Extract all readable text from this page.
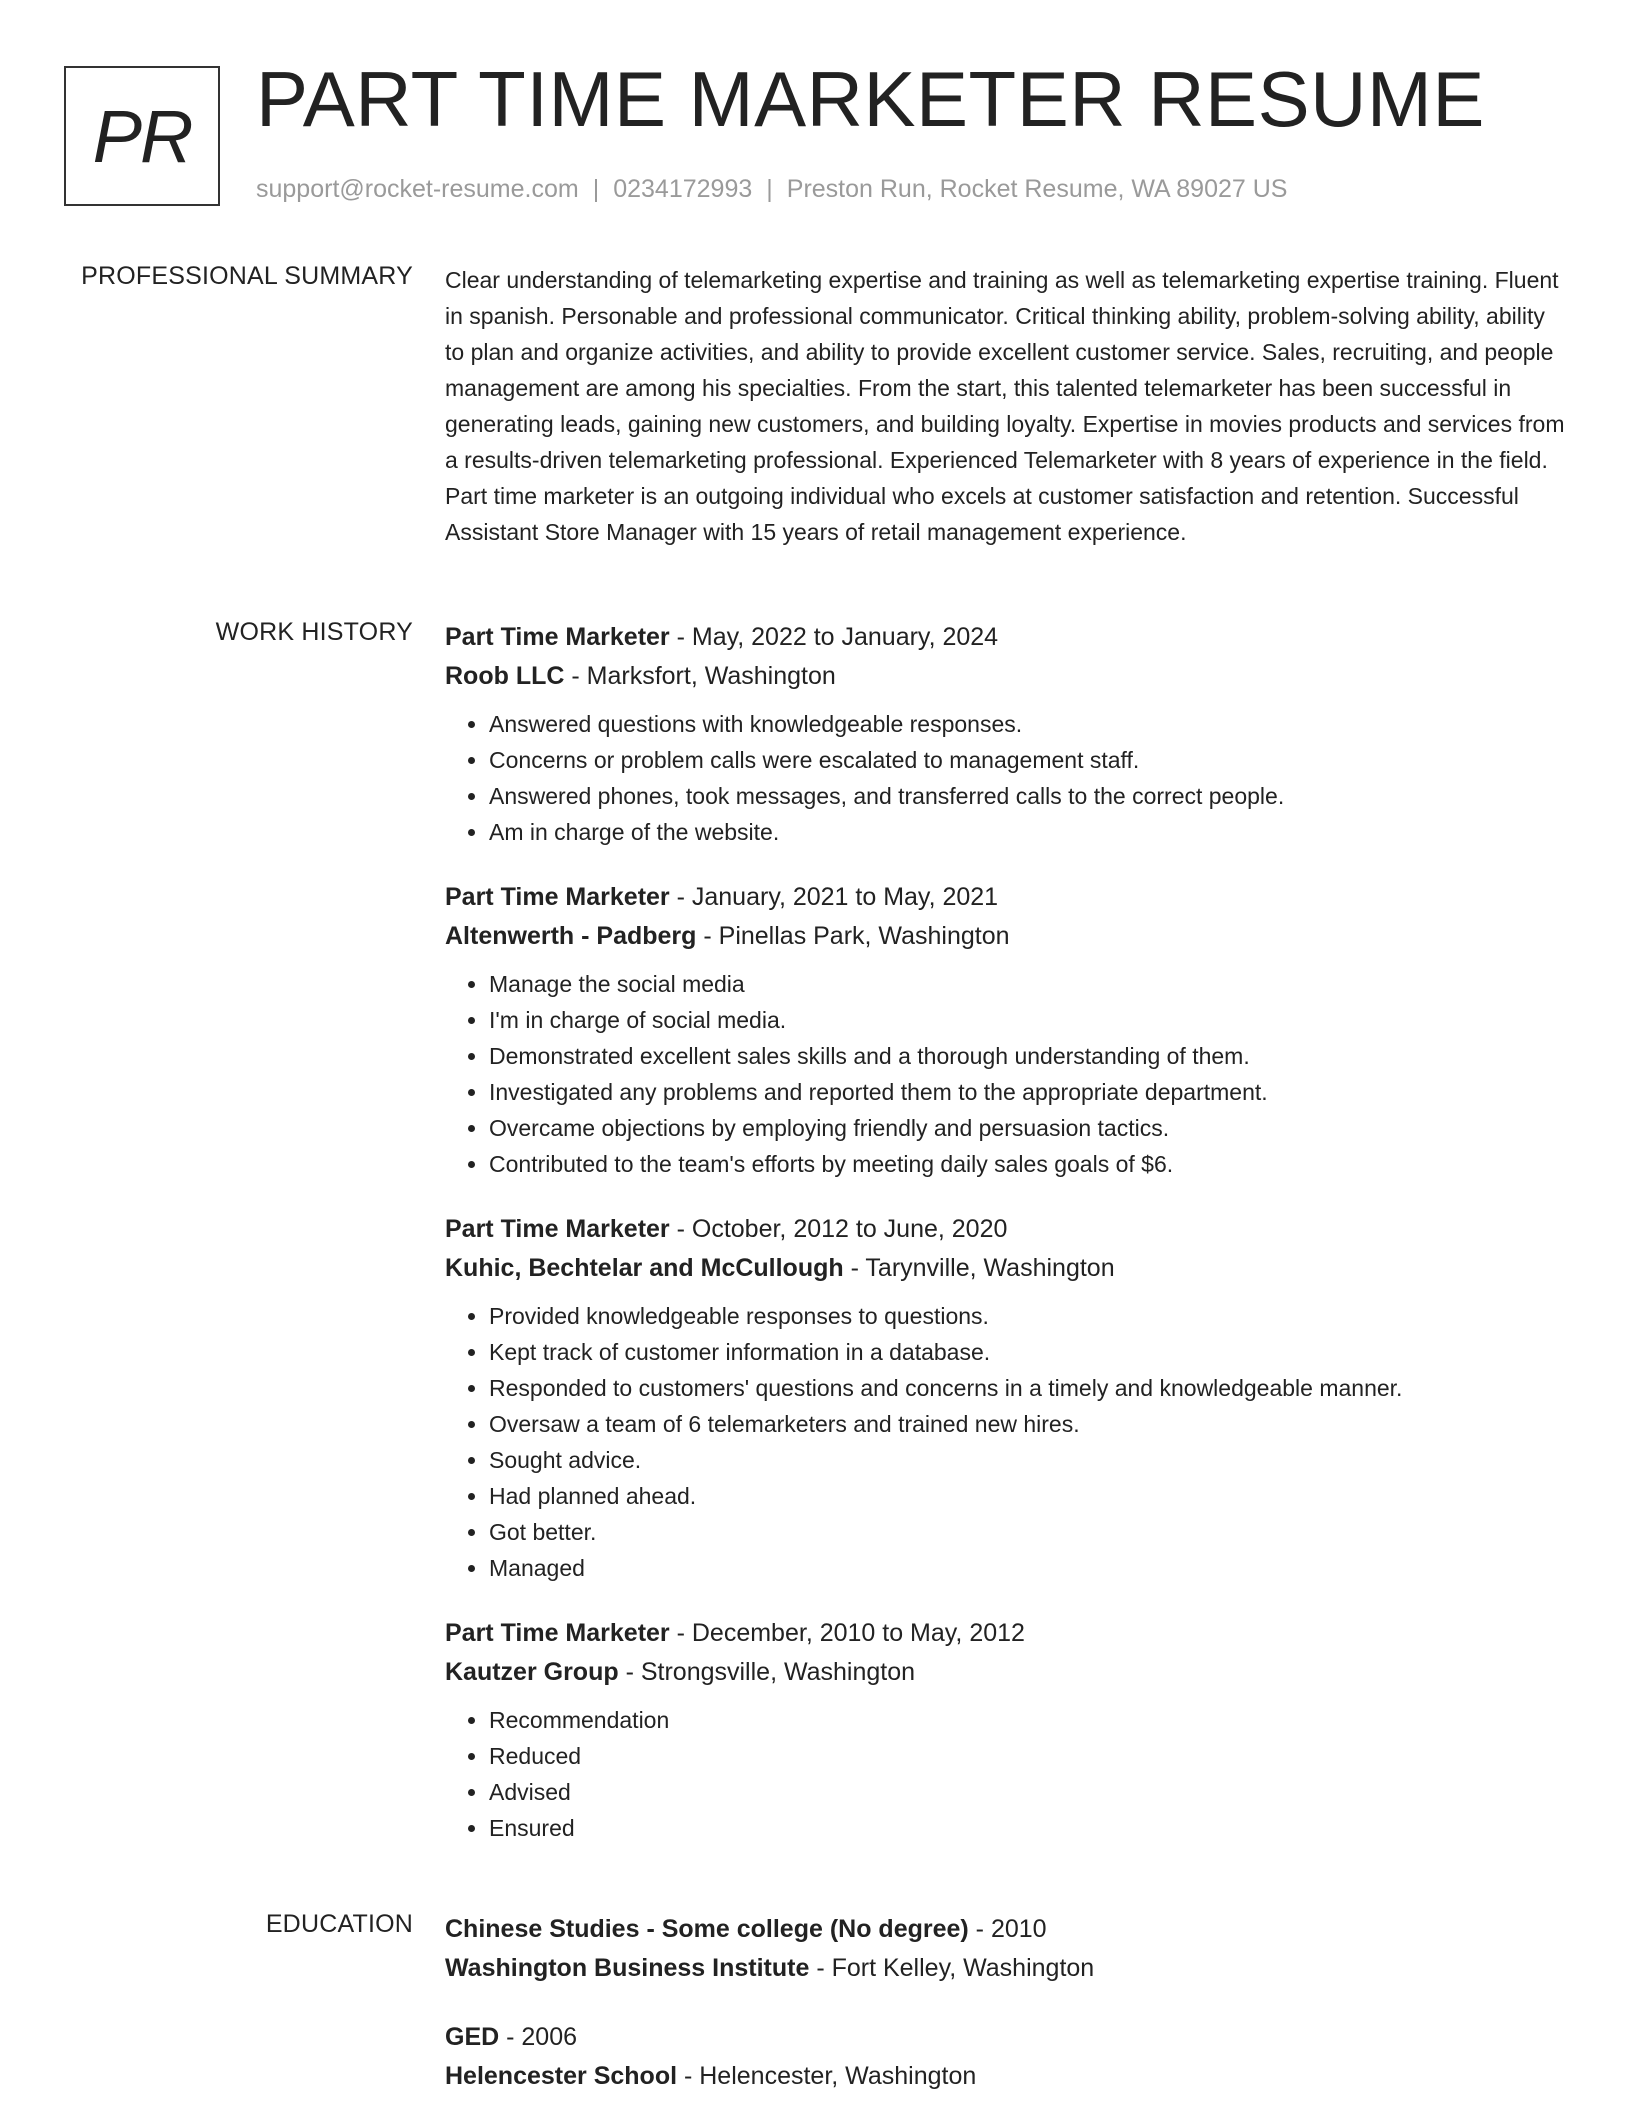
PR PART TIME MARKETER RESUME
support@rocket-resume.com | 0234172993 | Preston Run, Rocket Resume, WA 89027 US
PROFESSIONAL SUMMARY Clear understanding of telemarketing expertise and training as well as telemarketing expertise training. Fluent in spanish. Personable and professional communicator. Critical thinking ability, problem-solving ability, ability to plan and organize activities, and ability to provide excellent customer service. Sales, recruiting, and people management are among his specialties. From the start, this talented telemarketer has been successful in generating leads, gaining new customers, and building loyalty. Expertise in movies products and services from a results-driven telemarketing professional. Experienced Telemarketer with 8 years of experience in the field. Part time marketer is an outgoing individual who excels at customer satisfaction and retention. Successful Assistant Store Manager with 15 years of retail management experience.

WORK HISTORY Part Time Marketer - May, 2022 to January, 2024
Roob LLC - Marksfort, Washington
• Answered questions with knowledgeable responses.
• Concerns or problem calls were escalated to management staff.
• Answered phones, took messages, and transferred calls to the correct people.
• Am in charge of the website.
Part Time Marketer - January, 2021 to May, 2021
Altenwerth - Padberg - Pinellas Park, Washington
• Manage the social media
• I'm in charge of social media.
• Demonstrated excellent sales skills and a thorough understanding of them.
• Investigated any problems and reported them to the appropriate department.
• Overcame objections by employing friendly and persuasion tactics.
• Contributed to the team's efforts by meeting daily sales goals of $6.
Part Time Marketer - October, 2012 to June, 2020
Kuhic, Bechtelar and McCullough - Tarynville, Washington
• Provided knowledgeable responses to questions.
• Kept track of customer information in a database.
• Responded to customers' questions and concerns in a timely and knowledgeable manner.
• Oversaw a team of 6 telemarketers and trained new hires.
• Sought advice.
• Had planned ahead.
• Got better.
• Managed
Part Time Marketer - December, 2010 to May, 2012
Kautzer Group - Strongsville, Washington
• Recommendation
• Reduced
• Advised
• Ensured
EDUCATION Chinese Studies - Some college (No degree) - 2010
Washington Business Institute - Fort Kelley, Washington
GED - 2006
Helencester School - Helencester, Washington
